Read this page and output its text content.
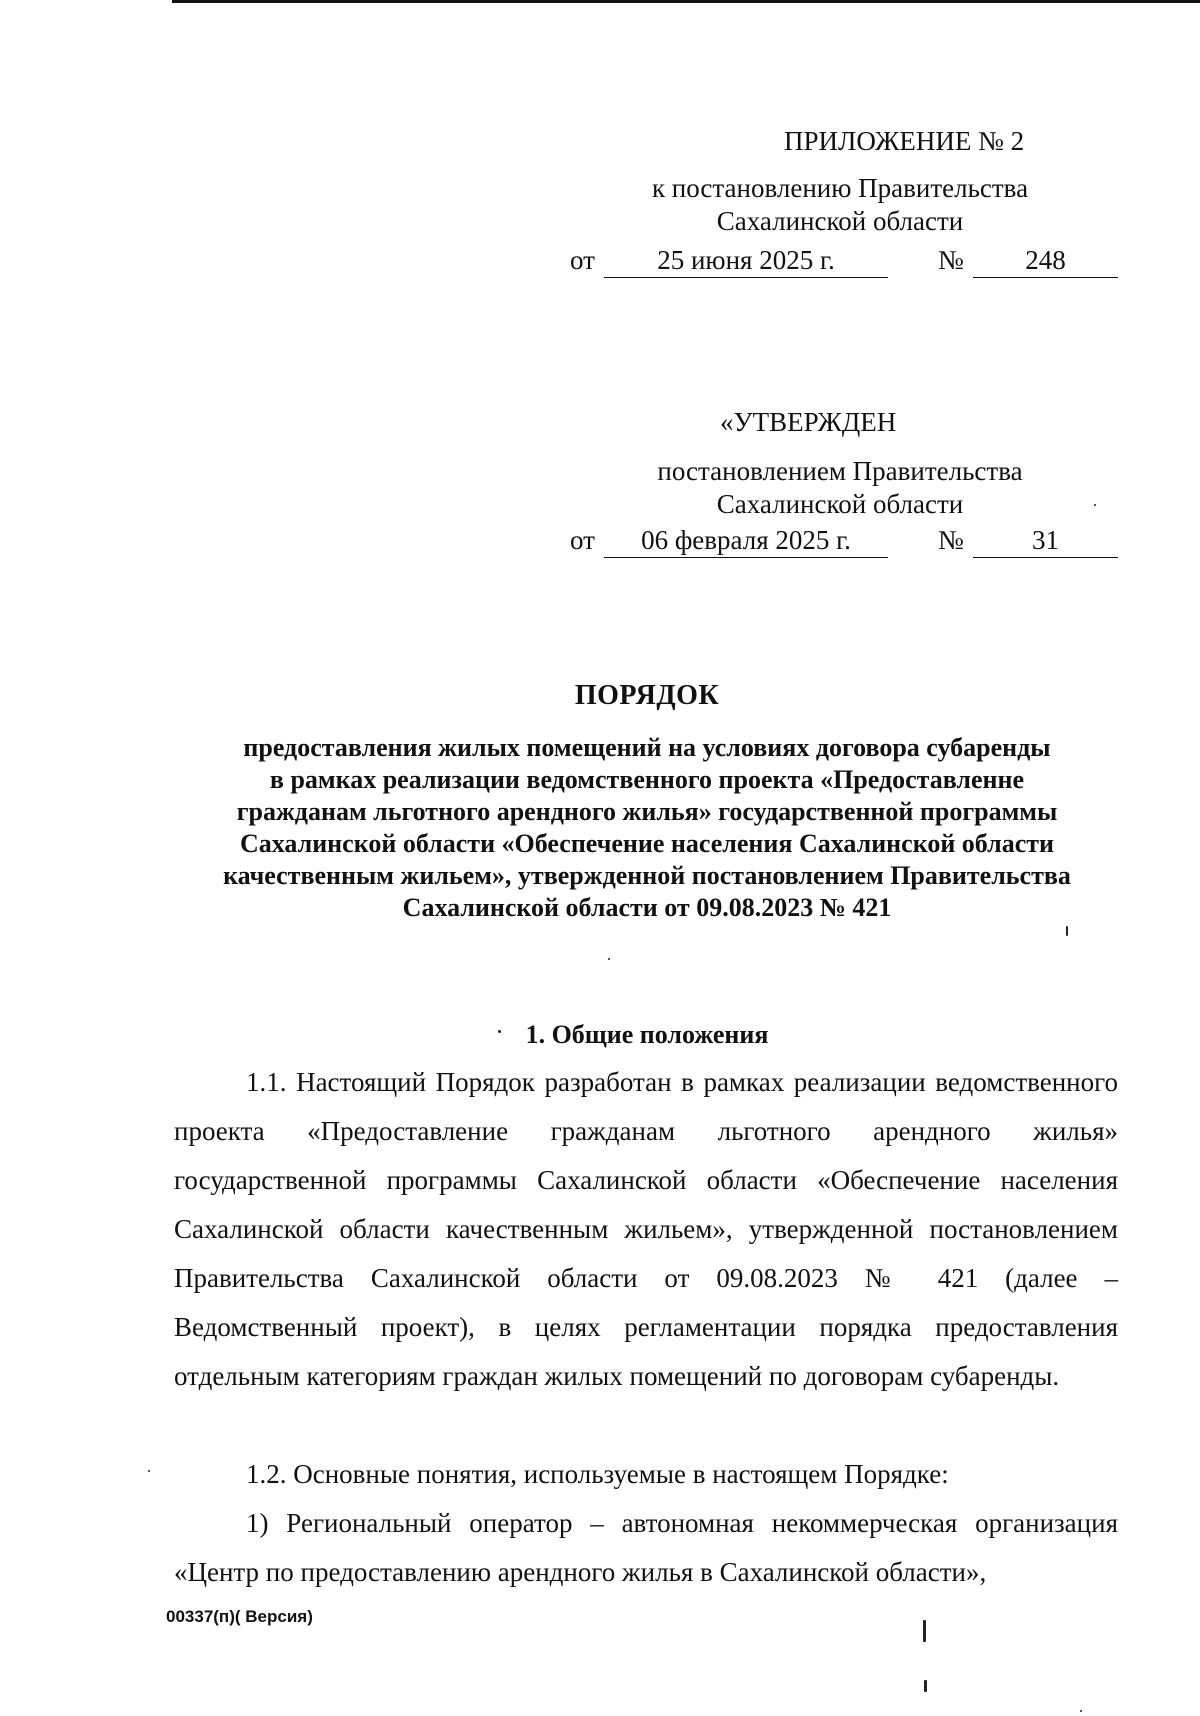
ПРИЛОЖЕНИЕ № 2
к постановлению Правительства
Сахалинской области
от	25 июня 2025 г.	№	248
«УТВЕРЖДЕН
постановлением Правительства
Сахалинской области
от	06 февраля 2025 г.	№	31
ПОРЯДОК
предоставления жилых помещений на условиях договора субаренды
в рамках реализации ведомственного проекта «Предоставленне
гражданам льготного арендного жилья» государственной программы
Сахалинской области «Обеспечение населения Сахалинской области
качественным жильем», утвержденной постановлением Правительства
Сахалинской области от 09.08.2023 № 421
1. Общие положения

1.1. Настоящий Порядок разработан в рамках реализации ведомственного проекта «Предоставление гражданам льготного арендного жилья» государственной программы Сахалинской области «Обеспечение населения Сахалинской области качественным жильем», утвержденной постановлением Правительства Сахалинской области от 09.08.2023 № 421 (далее – Ведомственный проект), в целях регламентации порядка предоставления отдельным категориям граждан жилых помещений по договорам субаренды.

1.2. Основные понятия, используемые в настоящем Порядке:

1) Региональный оператор – автономная некоммерческая организация «Центр по предоставлению арендного жилья в Сахалинской области»,

00337(п)( Версия)
